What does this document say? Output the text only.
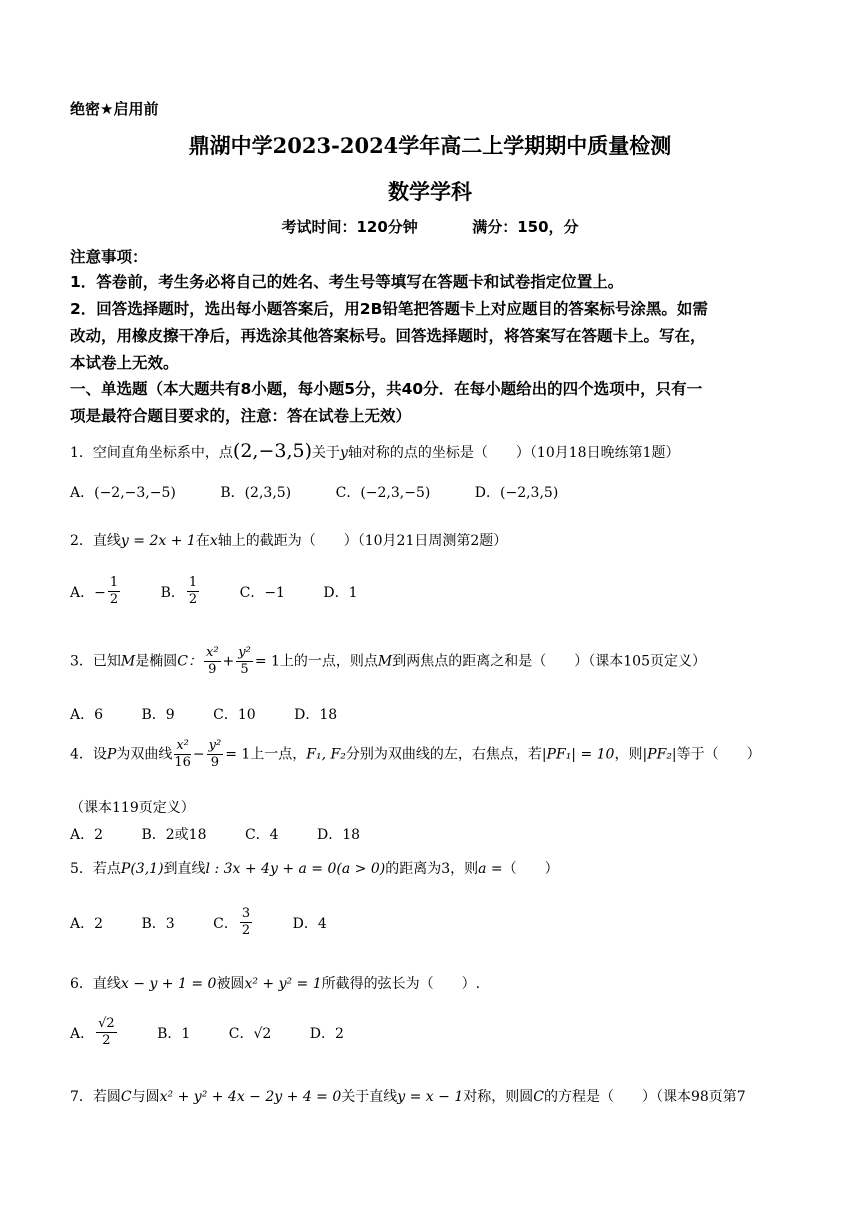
绝密★启用前
鼎湖中学2023-2024学年高二上学期期中质量检测
数学学科
考试时间：120分钟	满分：150，分
注意事项：
1．答卷前，考生务必将自己的姓名、考生号等填写在答题卡和试卷指定位置上。
2．回答选择题时，选出每小题答案后，用2B铅笔把答题卡上对应题目的答案标号涂黑。如需
改动，用橡皮擦干净后，再选涂其他答案标号。回答选择题时，将答案写在答题卡上。写在，
本试卷上无效。
一、单选题（本大题共有8小题，每小题5分，共40分．在每小题给出的四个选项中，只有一
项是最符合题目要求的，注意：答在试卷上无效）
1．空间直角坐标系中，点(2,−3,5)关于y轴对称的点的坐标是（　　）（10月18日晚练第1题）
A．(−2,−3,−5)	B．(2,3,5)	C．(−2,3,−5)	D．(−2,3,5)
2．直线y = 2x + 1在x轴上的截距为（　　）（10月21日周测第2题）
A．− $\frac{1}{2}$	B． $\frac{1}{2}$	C．−1	D．1
3．已知M是椭圆C： $\frac{\text{x²}}{9} + \frac{\text{y²}}{5} = 1$上的一点，则点M到两焦点的距离之和是（　　）（课本105页定义）
A．6	B．9	C．10	D．18
4．设P为双曲线 $\frac{\text{x²}}{16} - \frac{\text{y²}}{9} = 1$上一点，F₁, F₂分别为双曲线的左，右焦点，若|PF₁| = 10，则|PF₂|等于（　　）
（课本119页定义）
A．2	B．2或18	C．4	D．18
5．若点P(3,1)到直线l : 3x + 4y + a = 0(a > 0)的距离为3，则a =（　　）
A．2	B．3	C． $\frac{3}{2}$	D．4
6．直线x − y + 1 = 0被圆x² + y² = 1所截得的弦长为（　　）.
A． $\frac{√2}{2}$	B．1	C．√2	D．2
7．若圆C与圆x² + y² + 4x − 2y + 4 = 0关于直线y = x − 1对称，则圆C的方程是（　　）（课本98页第7
